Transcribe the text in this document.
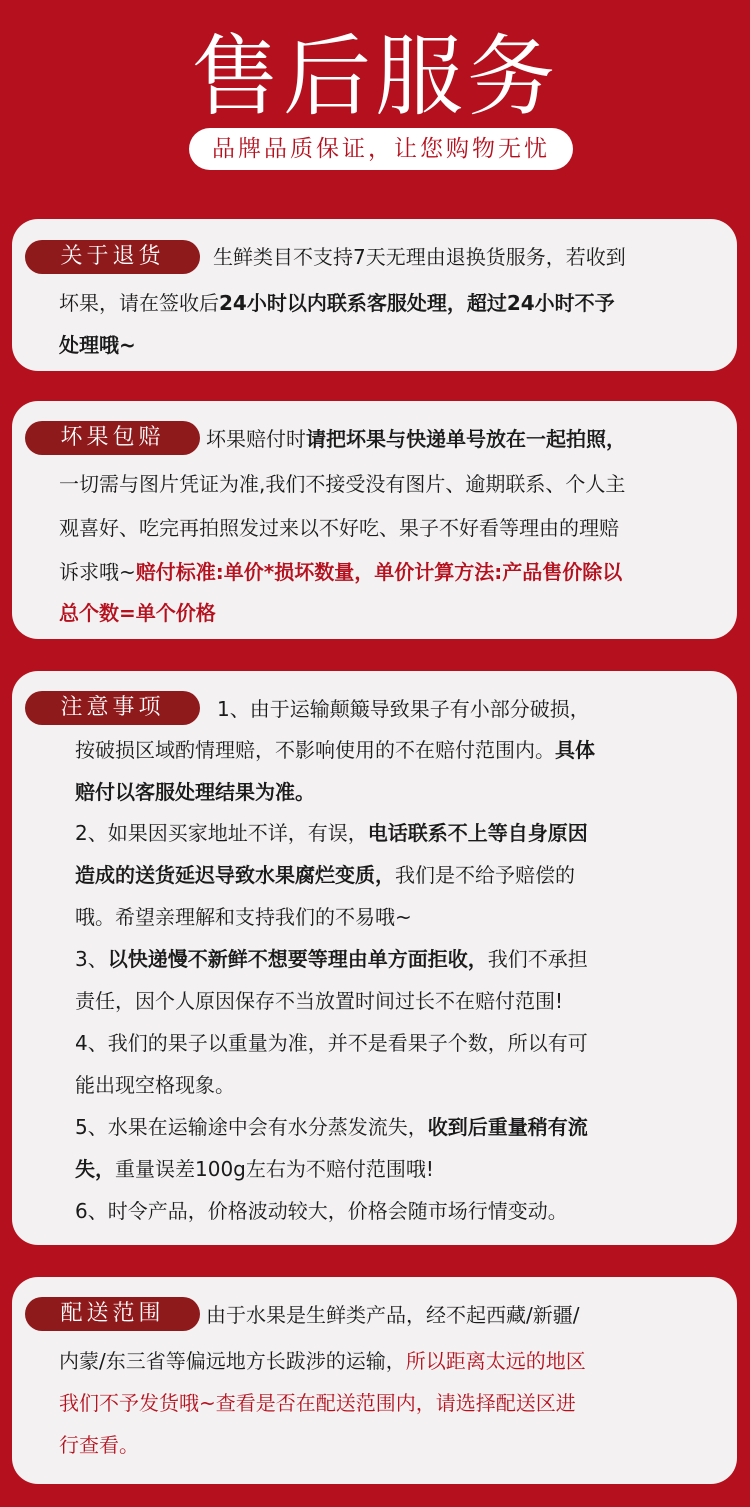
售后服务
品牌品质保证，让您购物无忧
关于退货	生鲜类目不支持7天无理由退换货服务，若收到
坏果，请在签收后24小时以内联系客服处理，超过24小时不予
处理哦~
坏果包赔	坏果赔付时请把坏果与快递单号放在一起拍照，
一切需与图片凭证为准,我们不接受没有图片、逾期联系、个人主
观喜好、吃完再拍照发过来以不好吃、果子不好看等理由的理赔
诉求哦~赔付标准:单价*损坏数量，单价计算方法:产品售价除以
总个数=单个价格
注意事项	1、由于运输颠簸导致果子有小部分破损，
按破损区域酌情理赔，不影响使用的不在赔付范围内。具体
赔付以客服处理结果为准。
2、如果因买家地址不详，有误，电话联系不上等自身原因
造成的送货延迟导致水果腐烂变质，我们是不给予赔偿的
哦。希望亲理解和支持我们的不易哦~
3、以快递慢不新鲜不想要等理由单方面拒收，我们不承担
责任，因个人原因保存不当放置时间过长不在赔付范围!
4、我们的果子以重量为准，并不是看果子个数，所以有可
能出现空格现象。
5、水果在运输途中会有水分蒸发流失，收到后重量稍有流
失，重量误差100g左右为不赔付范围哦!
6、时令产品，价格波动较大，价格会随市场行情变动。
配送范围	由于水果是生鲜类产品，经不起西藏/新疆/
内蒙/东三省等偏远地方长跋涉的运输，所以距离太远的地区
我们不予发货哦~查看是否在配送范围内，请选择配送区进
行查看。
